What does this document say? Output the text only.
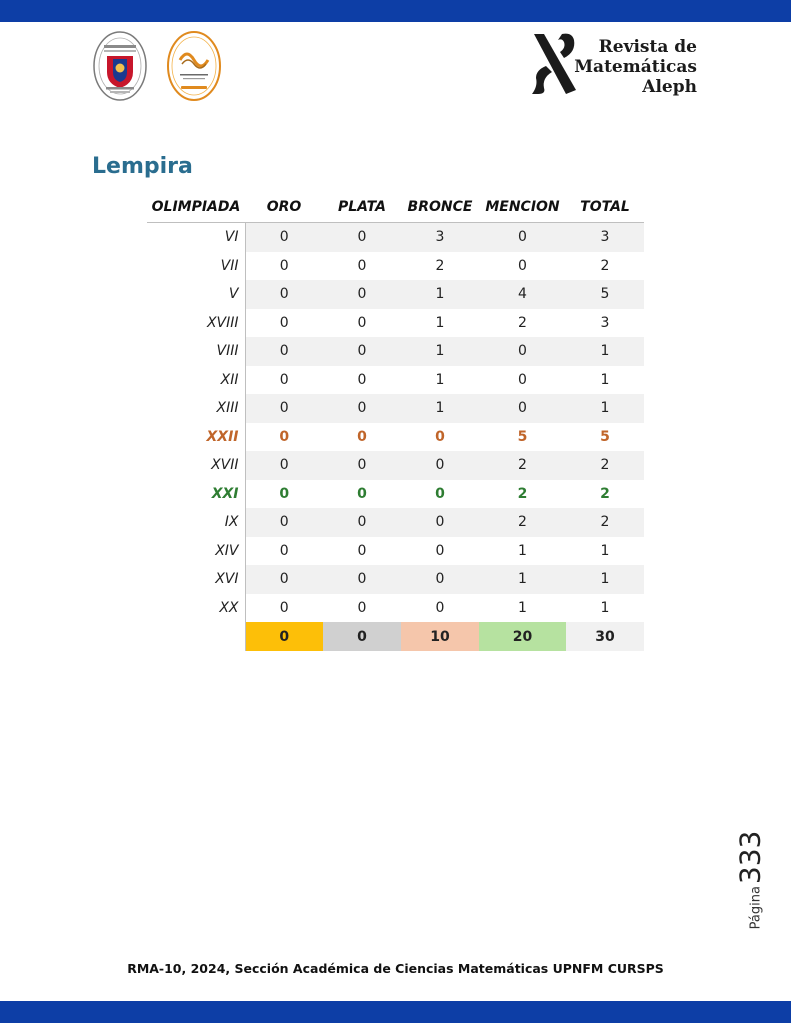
Revista de
Matemáticas
Aleph
Lempira
OLIMPIADA	ORO	PLATA	BRONCE	MENCION	TOTAL
VI	0	0	3	0	3
VII	0	0	2	0	2
V	0	0	1	4	5
XVIII	0	0	1	2	3
VIII	0	0	1	0	1
XII	0	0	1	0	1
XIII	0	0	1	0	1
XXII	0	0	0	5	5
XVII	0	0	0	2	2
XXI	0	0	0	2	2
IX	0	0	0	2	2
XIV	0	0	0	1	1
XVI	0	0	0	1	1
XX	0	0	0	1	1
	0	0	10	20	30
Página
333
RMA-10, 2024, Sección Académica de Ciencias Matemáticas UPNFM CURSPS
